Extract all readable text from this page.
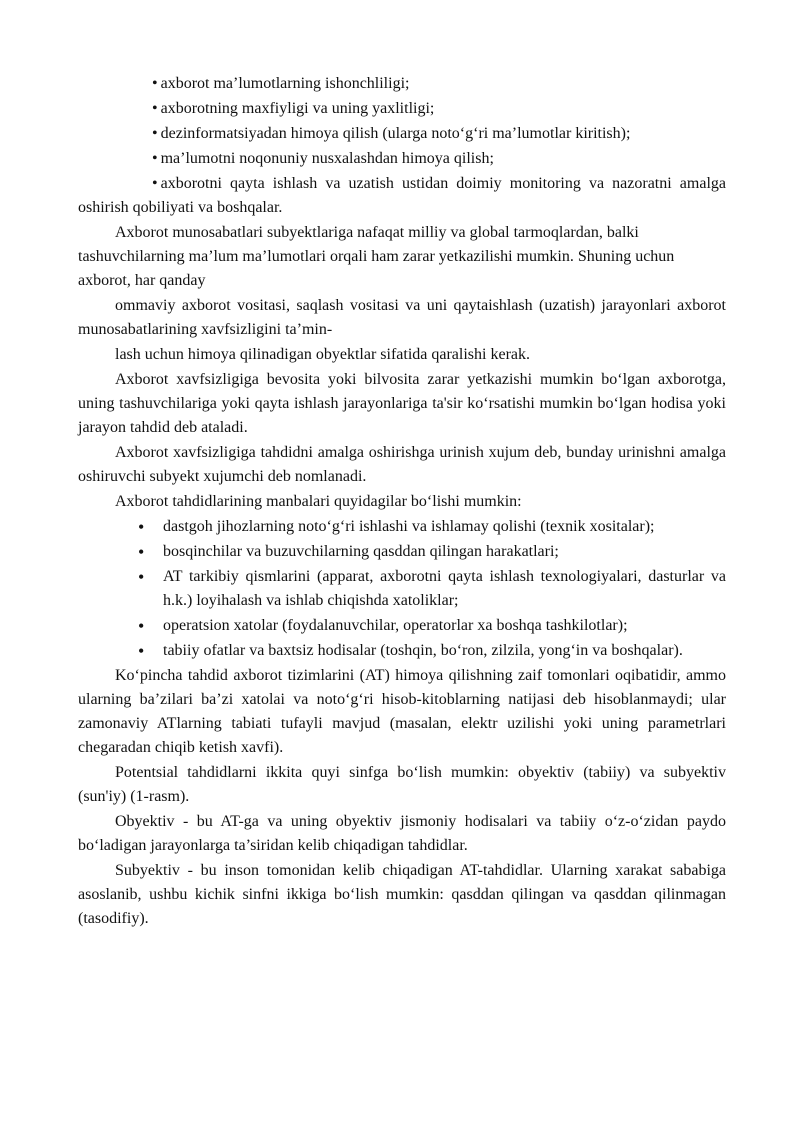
• axborot ma’lumotlarning ishonchliligi;

• axborotning maxfiyligi va uning yaxlitligi;

• dezinformatsiyadan himoya qilish (ularga noto‘g‘ri ma’lumotlar kiritish);

• ma’lumotni noqonuniy nusxalashdan himoya qilish;

• axborotni qayta ishlash va uzatish ustidan doimiy monitoring va nazoratni amalga oshirish qobiliyati va boshqalar.

Axborot munosabatlari subyektlariga nafaqat milliy va global tarmoqlardan, balki tashuvchilarning ma’lum ma’lumotlari orqali ham zarar yetkazilishi mumkin. Shuning uchun axborot, har qanday

ommaviy axborot vositasi, saqlash vositasi va uni qaytaishlash (uzatish) jarayonlari axborot munosabatlarining xavfsizligini ta’min-

lash uchun himoya qilinadigan obyektlar sifatida qaralishi kerak.

Axborot xavfsizligiga bevosita yoki bilvosita zarar yetkazishi mumkin bo‘lgan axborotga, uning tashuvchilariga yoki qayta ishlash jarayonlariga ta'sir ko‘rsatishi mumkin bo‘lgan hodisa yoki jarayon tahdid deb ataladi.

Axborot xavfsizligiga tahdidni amalga oshirishga urinish xujum deb, bunday urinishni amalga oshiruvchi subyekt xujumchi deb nomlanadi.

Axborot tahdidlarining manbalari quyidagilar bo‘lishi mumkin:

• dastgoh jihozlarning noto‘g‘ri ishlashi va ishlamay qolishi (texnik xositalar);
• bosqinchilar va buzuvchilarning qasddan qilingan harakatlari;
• AT tarkibiy qismlarini (apparat, axborotni qayta ishlash texnologiyalari, dasturlar va h.k.) loyihalash va ishlab chiqishda xatoliklar;
• operatsion xatolar (foydalanuvchilar, operatorlar xa boshqa tashkilotlar);
• tabiiy ofatlar va baxtsiz hodisalar (toshqin, bo‘ron, zilzila, yong‘in va boshqalar).

Ko‘pincha tahdid axborot tizimlarini (AT) himoya qilishning zaif tomonlari oqibatidir, ammo ularning ba’zilari ba’zi xatolai va noto‘g‘ri hisob-kitoblarning natijasi deb hisoblanmaydi; ular zamonaviy ATlarning tabiati tufayli mavjud (masalan, elektr uzilishi yoki uning parametrlari chegaradan chiqib ketish xavfi).

Potentsial tahdidlarni ikkita quyi sinfga bo‘lish mumkin: obyektiv (tabiiy) va subyektiv (sun'iy) (1-rasm).

Obyektiv - bu AT-ga va uning obyektiv jismoniy hodisalari va tabiiy o‘z-o‘zidan paydo bo‘ladigan jarayonlarga ta’siridan kelib chiqadigan tahdidlar.

Subyektiv - bu inson tomonidan kelib chiqadigan AT-tahdidlar. Ularning xarakat sababiga asoslanib, ushbu kichik sinfni ikkiga bo‘lish mumkin: qasddan qilingan va qasddan qilinmagan (tasodifiy).
